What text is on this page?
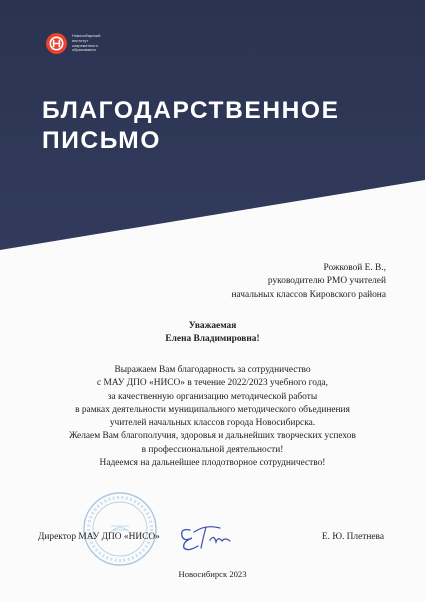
Новосибирский
институт
современного
образования
БЛАГОДАРСТВЕННОЕ
ПИСЬМО
Рожковой Е. В.,
руководителю РМО учителей
начальных классов Кировского района
Уважаемая
Елена Владимировна!
Выражаем Вам благодарность за сотрудничество
с МАУ ДПО «НИСО» в течение 2022/2023 учебного года,
за качественную организацию методической работы
в рамках деятельности муниципального методического объединения
учителей начальных классов города Новосибирска.
Желаем Вам благополучия, здоровья и дальнейших творческих успехов
в профессиональной деятельности!
Надеемся на дальнейшее плодотворное сотрудничество!
Директор МАУ ДПО «НИСО»	Е. Ю. Плетнева
Новосибирск 2023
